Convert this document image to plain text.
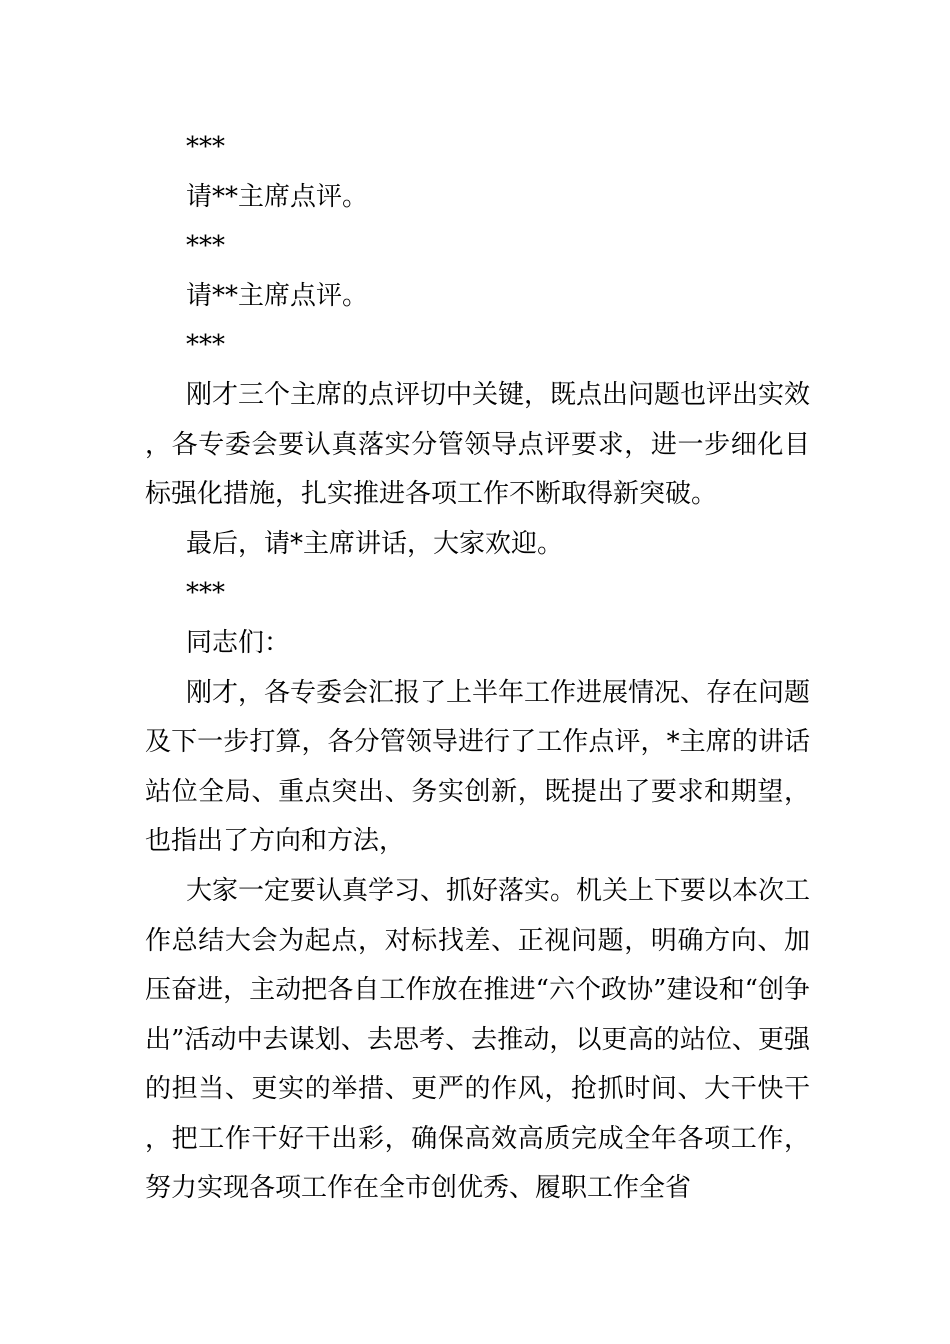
***

请**主席点评。

***

请**主席点评。

***

刚才三个主席的点评切中关键，既点出问题也评出实效，各专委会要认真落实分管领导点评要求，进一步细化目标强化措施，扎实推进各项工作不断取得新突破。

最后，请*主席讲话，大家欢迎。

***

同志们：

刚才，各专委会汇报了上半年工作进展情况、存在问题及下一步打算，各分管领导进行了工作点评，*主席的讲话站位全局、重点突出、务实创新，既提出了要求和期望，也指出了方向和方法，

大家一定要认真学习、抓好落实。机关上下要以本次工作总结大会为起点，对标找差、正视问题，明确方向、加压奋进，主动把各自工作放在推进“六个政协”建设和“创争出”活动中去谋划、去思考、去推动，以更高的站位、更强的担当、更实的举措、更严的作风，抢抓时间、大干快干，把工作干好干出彩，确保高效高质完成全年各项工作，努力实现各项工作在全市创优秀、履职工作全省
